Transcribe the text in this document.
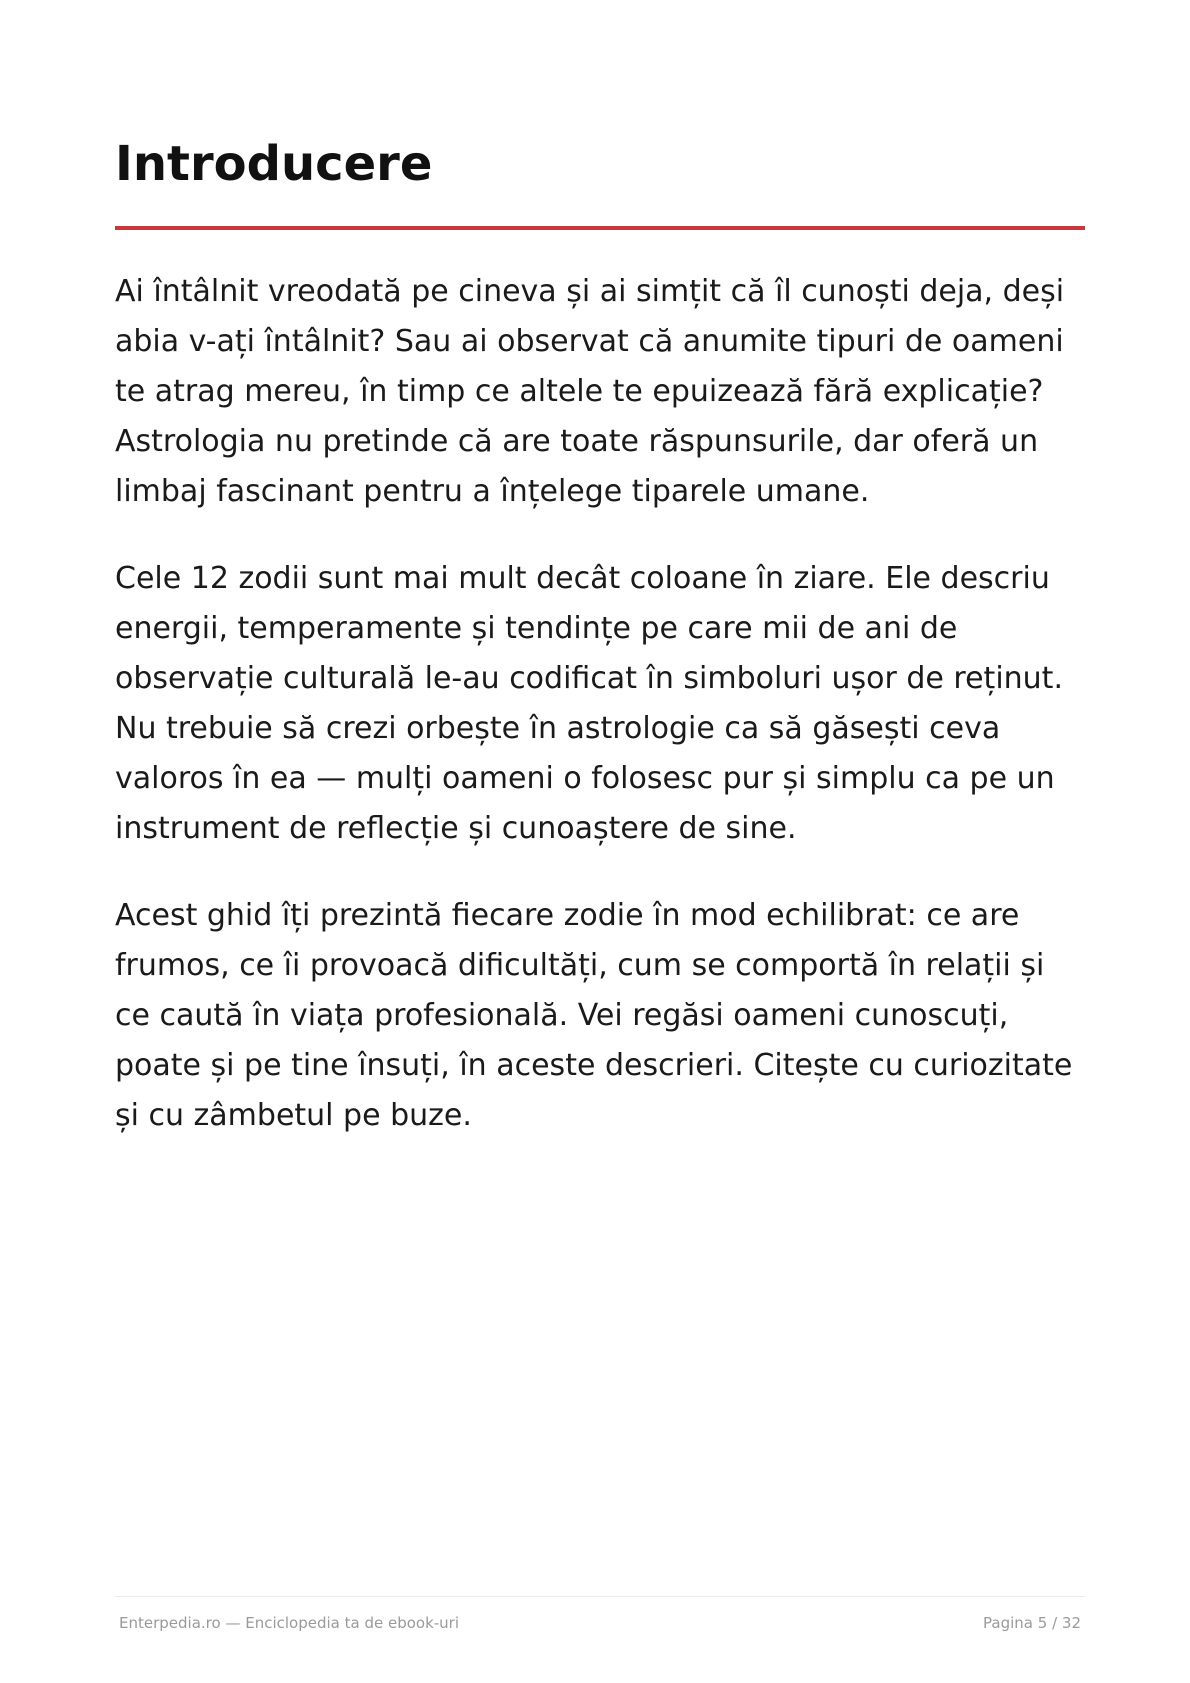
Introducere

Ai întâlnit vreodată pe cineva și ai simțit că îl cunoști deja, deși abia v-ați întâlnit? Sau ai observat că anumite tipuri de oameni te atrag mereu, în timp ce altele te epuizează fără explicație? Astrologia nu pretinde că are toate răspunsurile, dar oferă un limbaj fascinant pentru a înțelege tiparele umane.

Cele 12 zodii sunt mai mult decât coloane în ziare. Ele descriu energii, temperamente și tendințe pe care mii de ani de observație culturală le-au codificat în simboluri ușor de reținut. Nu trebuie să crezi orbește în astrologie ca să găsești ceva valoros în ea — mulți oameni o folosesc pur și simplu ca pe un instrument de reflecție și cunoaștere de sine.

Acest ghid îți prezintă fiecare zodie în mod echilibrat: ce are frumos, ce îi provoacă dificultăți, cum se comportă în relații și ce caută în viața profesională. Vei regăsi oameni cunoscuți, poate și pe tine însuți, în aceste descrieri. Citește cu curiozitate și cu zâmbetul pe buze.

Enterpedia.ro — Enciclopedia ta de ebook-uri	Pagina 5 / 32
